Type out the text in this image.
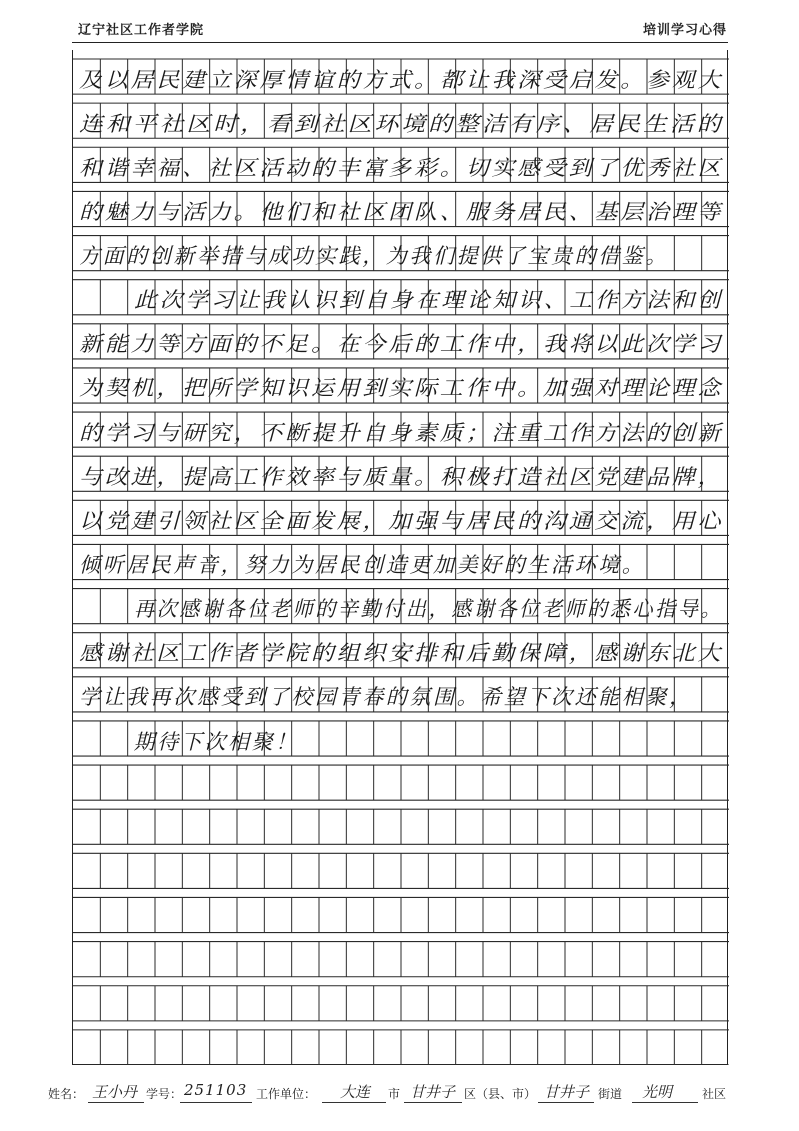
辽宁社区工作者学院	培训学习心得
及以居民建立深厚情谊的方式。都让我深受启发。参观大
连和平社区时，看到社区环境的整洁有序、居民生活的
和谐幸福、社区活动的丰富多彩。切实感受到了优秀社区
的魅力与活力。他们和社区团队、服务居民、基层治理等
方面的创新举措与成功实践，为我们提供了宝贵的借鉴。
此次学习让我认识到自身在理论知识、工作方法和创
新能力等方面的不足。在今后的工作中，我将以此次学习
为契机，把所学知识运用到实际工作中。加强对理论理念
的学习与研究，不断提升自身素质；注重工作方法的创新
与改进，提高工作效率与质量。积极打造社区党建品牌，
以党建引领社区全面发展，加强与居民的沟通交流，用心
倾听居民声音，努力为居民创造更加美好的生活环境。
再次感谢各位老师的辛勤付出，感谢各位老师的悉心指导。
感谢社区工作者学院的组织安排和后勤保障，感谢东北大
学让我再次感受到了校园青春的氛围。希望下次还能相聚，
期待下次相聚！
姓名： 王小丹 学号： 251103 工作单位： 大连 市 甘井子 区（县、市） 甘井子 街道 光明 社区
